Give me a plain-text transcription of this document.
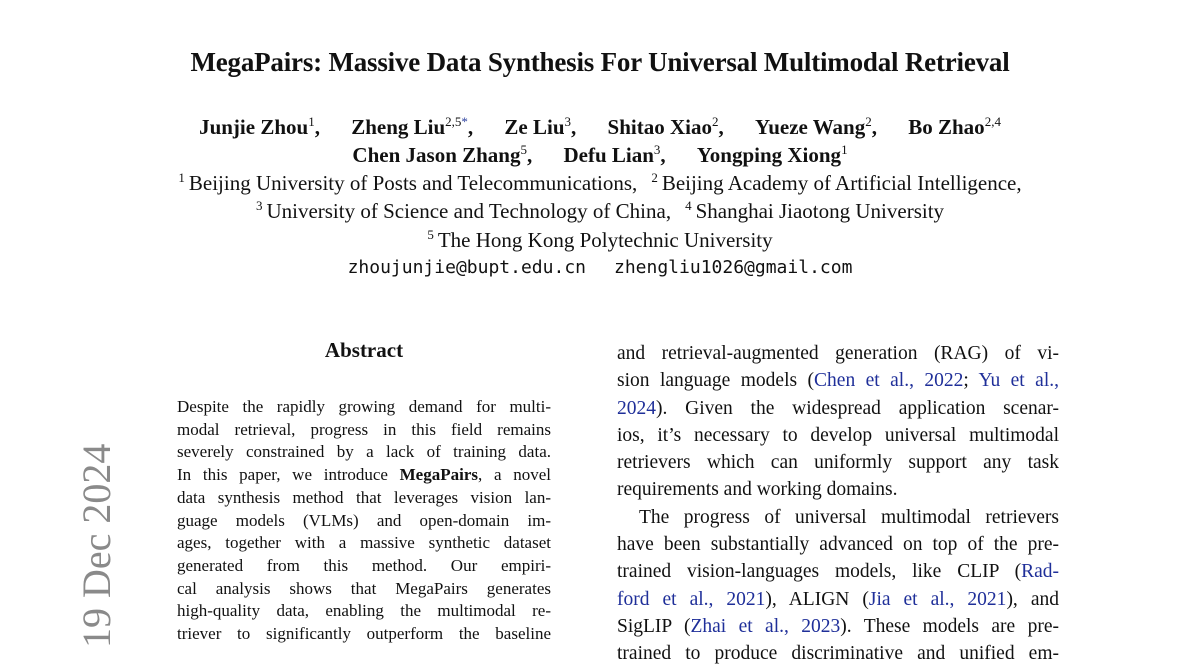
MegaPairs: Massive Data Synthesis For Universal Multimodal Retrieval
Junjie Zhou$^1$, Zheng Liu$^{2,5*}$, Ze Liu$^3$, Shitao Xiao$^2$, Yueze Wang$^2$, Bo Zhao$^{2,4}$
Chen Jason Zhang$^5$, Defu Lian$^3$, Yongping Xiong$^1$
$^1$ Beijing University of Posts and Telecommunications, $^2$ Beijing Academy of Artificial Intelligence,
$^3$ University of Science and Technology of China, $^4$ Shanghai Jiaotong University
$^5$ The Hong Kong Polytechnic University
zhoujunjie@bupt.edu.cn zhengliu1026@gmail.com
19 Dec 2024
Abstract
Despite the rapidly growing demand for multi-
modal retrieval, progress in this field remains
severely constrained by a lack of training data.
In this paper, we introduce MegaPairs, a novel
data synthesis method that leverages vision lan-
guage models (VLMs) and open-domain im-
ages, together with a massive synthetic dataset
generated from this method. Our empiri-
cal analysis shows that MegaPairs generates
high-quality data, enabling the multimodal re-
triever to significantly outperform the baseline
and retrieval-augmented generation (RAG) of vi-
sion language models (Chen et al., 2022; Yu et al.,
2024). Given the widespread application scenar-
ios, it’s necessary to develop universal multimodal
retrievers which can uniformly support any task
requirements and working domains.
The progress of universal multimodal retrievers
have been substantially advanced on top of the pre-
trained vision-languages models, like CLIP (Rad-
ford et al., 2021), ALIGN (Jia et al., 2021), and
SigLIP (Zhai et al., 2023). These models are pre-
trained to produce discriminative and unified em-
